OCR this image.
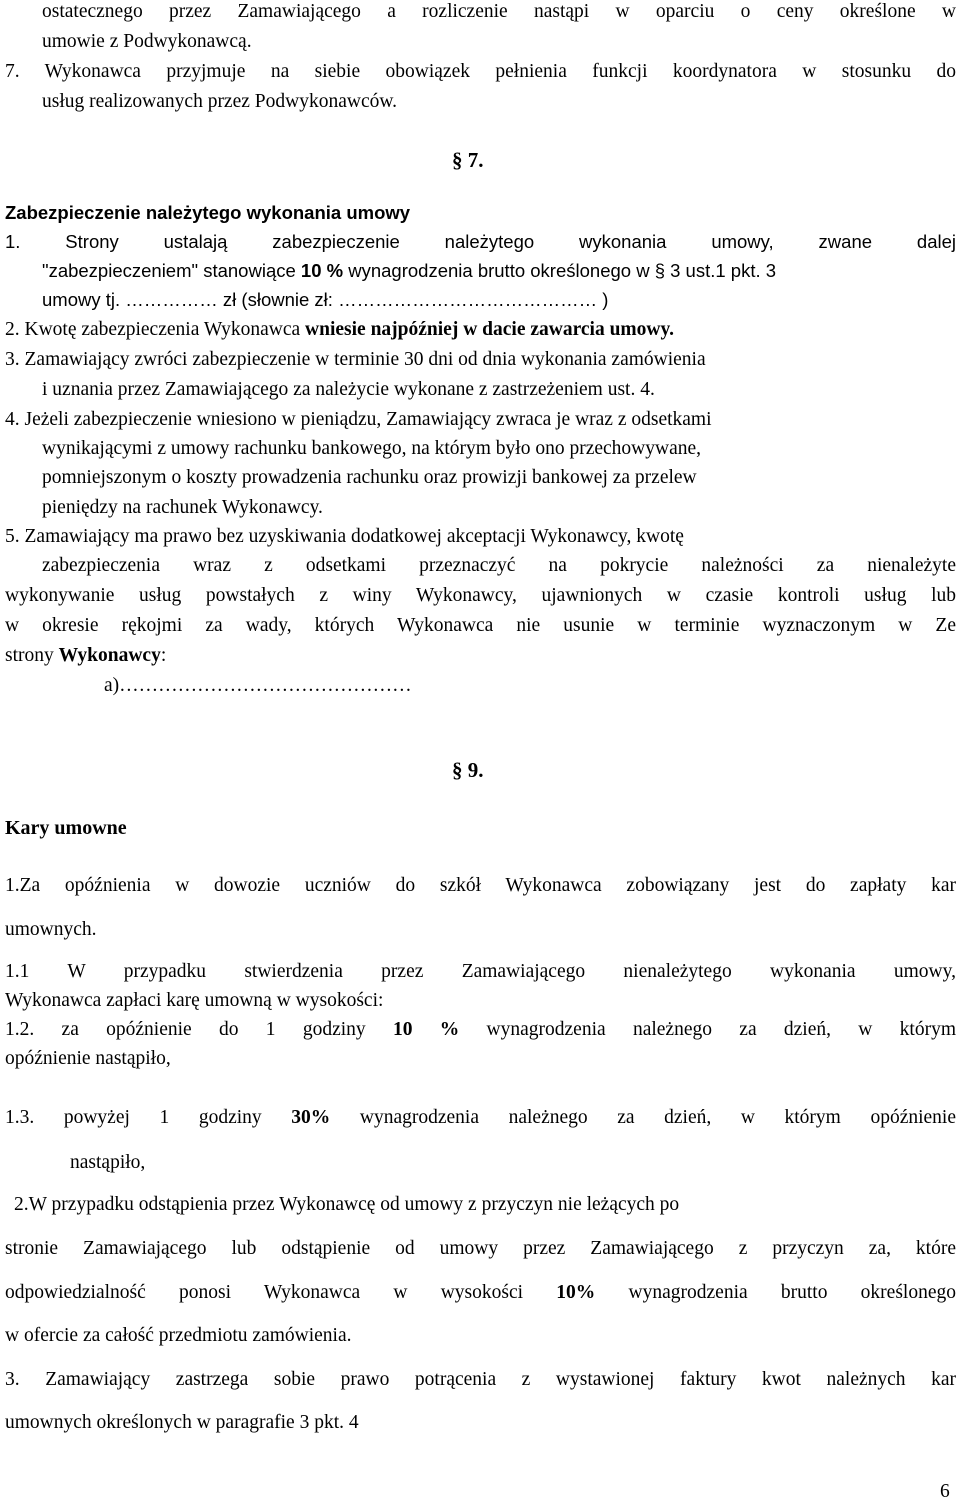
ostatecznego przez Zamawiającego a rozliczenie nastąpi w oparciu o ceny określone w
umowie z Podwykonawcą.
7. Wykonawca przyjmuje na siebie obowiązek pełnienia funkcji koordynatora w stosunku do
usług realizowanych przez Podwykonawców.
§ 7.
Zabezpieczenie należytego wykonania umowy
1. Strony ustalają zabezpieczenie należytego wykonania umowy, zwane dalej
"zabezpieczeniem" stanowiące 10 % wynagrodzenia brutto określonego w § 3 ust.1 pkt. 3
umowy tj. …………… zł (słownie zł: …………………………………… )
2. Kwotę zabezpieczenia Wykonawca wniesie najpóźniej w dacie zawarcia umowy.
3. Zamawiający zwróci zabezpieczenie w terminie 30 dni od dnia wykonania zamówienia
i uznania przez Zamawiającego za należycie wykonane z zastrzeżeniem ust. 4.
4. Jeżeli zabezpieczenie wniesiono w pieniądzu, Zamawiający zwraca je wraz z odsetkami
wynikającymi z umowy rachunku bankowego, na którym było ono przechowywane,
pomniejszonym o koszty prowadzenia rachunku oraz prowizji bankowej za przelew
pieniędzy na rachunek Wykonawcy.
5. Zamawiający ma prawo bez uzyskiwania dodatkowej akceptacji Wykonawcy, kwotę
zabezpieczenia wraz z odsetkami przeznaczyć na pokrycie należności za nienależyte
wykonywanie usług powstałych z winy Wykonawcy, ujawnionych w czasie kontroli usług lub
w okresie rękojmi za wady, których Wykonawca nie usunie w terminie wyznaczonym w Ze
strony Wykonawcy:
a)………………………………………
§ 9.
Kary umowne
1.Za opóźnienia w dowozie uczniów do szkół Wykonawca zobowiązany jest do zapłaty kar
umownych.
1.1 W przypadku stwierdzenia przez Zamawiającego nienależytego wykonania umowy,
Wykonawca zapłaci karę umowną w wysokości:
1.2. za opóźnienie do 1 godziny 10 % wynagrodzenia należnego za dzień, w którym
opóźnienie nastąpiło,
1.3. powyżej 1 godziny 30% wynagrodzenia należnego za dzień, w którym opóźnienie
nastąpiło,
2.W przypadku odstąpienia przez Wykonawcę od umowy z przyczyn nie leżących po
stronie Zamawiającego lub odstąpienie od umowy przez Zamawiającego z przyczyn za, które
odpowiedzialność ponosi Wykonawca w wysokości 10% wynagrodzenia brutto określonego
w ofercie za całość przedmiotu zamówienia.
3. Zamawiający zastrzega sobie prawo potrącenia z wystawionej faktury kwot należnych kar
umownych określonych w paragrafie 3 pkt. 4
6
